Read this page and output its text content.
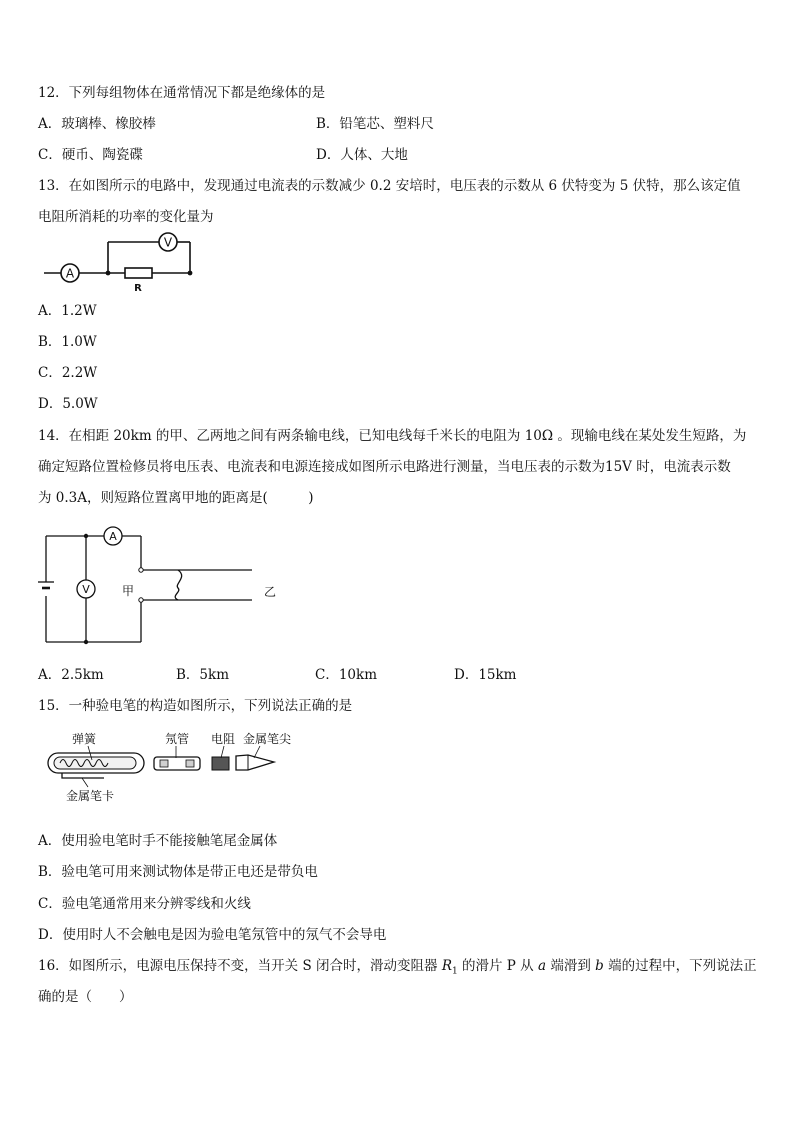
12．下列每组物体在通常情况下都是绝缘体的是
A．玻璃棒、橡胶棒	B．铅笔芯、塑料尺
C．硬币、陶瓷碟	D．人体、大地
13．在如图所示的电路中，发现通过电流表的示数减少 0.2 安培时，电压表的示数从 6 伏特变为 5 伏特，那么该定值
电阻所消耗的功率的变化量为
A
V
R
A．1.2W
B．1.0W
C．2.2W
D．5.0W
14．在相距 20km 的甲、乙两地之间有两条输电线，已知电线每千米长的电阻为 10Ω 。现输电线在某处发生短路，为
确定短路位置检修员将电压表、电流表和电源连接成如图所示电路进行测量，当电压表的示数为15V 时，电流表示数
为 0.3A，则短路位置离甲地的距离是(　　　)
A
V	甲	乙
A．2.5km	B．5km	C．10km	D．15km
15．一种验电笔的构造如图所示，下列说法正确的是
弹簧	氖管 电阻 金属笔尖
金属笔卡
A．使用验电笔时手不能接触笔尾金属体
B．验电笔可用来测试物体是带正电还是带负电
C．验电笔通常用来分辨零线和火线
D．使用时人不会触电是因为验电笔氖管中的氖气不会导电
16．如图所示，电源电压保持不变，当开关 S 闭合时，滑动变阻器 $R_1$ 的滑片 P 从 a 端滑到 b 端的过程中，下列说法正
确的是（　　）
